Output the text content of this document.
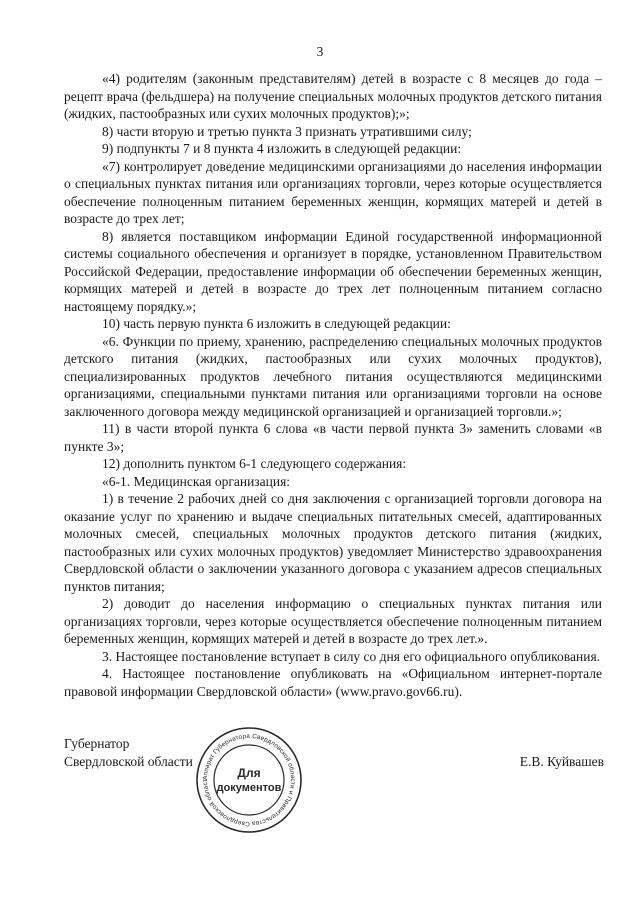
3

«4) родителям (законным представителям) детей в возрасте с 8 месяцев до года – рецепт врача (фельдшера) на получение специальных молочных продуктов детского питания (жидких, пастообразных или сухих молочных продуктов);»;

8) части вторую и третью пункта 3 признать утратившими силу;

9) подпункты 7 и 8 пункта 4 изложить в следующей редакции:

«7) контролирует доведение медицинскими организациями до населения информации о специальных пунктах питания или организациях торговли, через которые осуществляется обеспечение полноценным питанием беременных женщин, кормящих матерей и детей в возрасте до трех лет;

8) является поставщиком информации Единой государственной информационной системы социального обеспечения и организует в порядке, установленном Правительством Российской Федерации, предоставление информации об обеспечении беременных женщин, кормящих матерей и детей в возрасте до трех лет полноценным питанием согласно настоящему порядку.»;

10) часть первую пункта 6 изложить в следующей редакции:

«6. Функции по приему, хранению, распределению специальных молочных продуктов детского питания (жидких, пастообразных или сухих молочных продуктов), специализированных продуктов лечебного питания осуществляются медицинскими организациями, специальными пунктами питания или организациями торговли на основе заключенного договора между медицинской организацией и организацией торговли.»;

11) в части второй пункта 6 слова «в части первой пункта 3» заменить словами «в пункте 3»;

12) дополнить пунктом 6-1 следующего содержания:

«6-1. Медицинская организация:

1) в течение 2 рабочих дней со дня заключения с организацией торговли договора на оказание услуг по хранению и выдаче специальных питательных смесей, адаптированных молочных смесей, специальных молочных продуктов детского питания (жидких, пастообразных или сухих молочных продуктов) уведомляет Министерство здравоохранения Свердловской области о заключении указанного договора с указанием адресов специальных пунктов питания;

2) доводит до населения информацию о специальных пунктах питания или организациях торговли, через которые осуществляется обеспечение полноценным питанием беременных женщин, кормящих матерей и детей в возрасте до трех лет.».

3. Настоящее постановление вступает в силу со дня его официального опубликования.

4. Настоящее постановление опубликовать на «Официальном интернет-портале правовой информации Свердловской области» (www.pravo.gov66.ru).

Губернатор
Свердловской области	Е.В. Куйвашев
Аппарат Губернатора Свердловской области и Правительства Свердловской област
Для
документов
